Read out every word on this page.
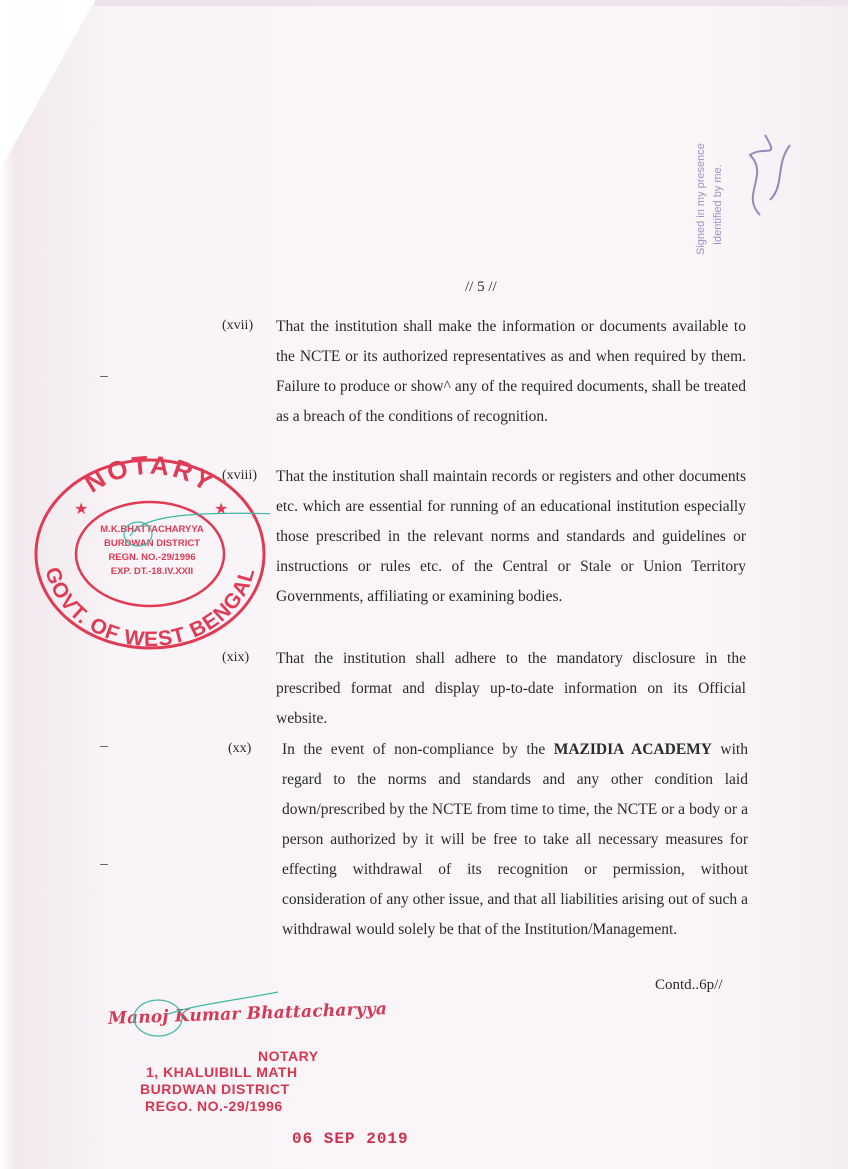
Signed in my presence Identified by me.
// 5 //
(xvii) That the institution shall make the information or documents available to the NCTE or its authorized representatives as and when required by them. Failure to produce or show^ any of the required documents, shall be treated as a breach of the conditions of recognition.
(xviii) That the institution shall maintain records or registers and other documents etc. which are essential for running of an educational institution especially those prescribed in the relevant norms and standards and guidelines or instructions or rules etc. of the Central or Stale or Union Territory Governments, affiliating or examining bodies.
(xix) That the institution shall adhere to the mandatory disclosure in the prescribed format and display up-to-date information on its Official website.
(xx) In the event of non-compliance by the MAZIDIA ACADEMY with regard to the norms and standards and any other condition laid down/prescribed by the NCTE from time to time, the NCTE or a body or a person authorized by it will be free to take all necessary measures for effecting withdrawal of its recognition or permission, without consideration of any other issue, and that all liabilities arising out of such a withdrawal would solely be that of the Institution/Management.
Contd..6p//
NOTARY
GOVT. OF WEST BENGAL
★	★
M.K.BHATTACHARYYA
BURDWAN DISTRICT
REGN. NO.-29/1996
EXP. DT.-18.IV.XXII
Manoj Kumar Bhattacharyya
NOTARY
1, KHALUIBILL MATH
BURDWAN DISTRICT
REGO. NO.-29/1996
06 SEP 2019
